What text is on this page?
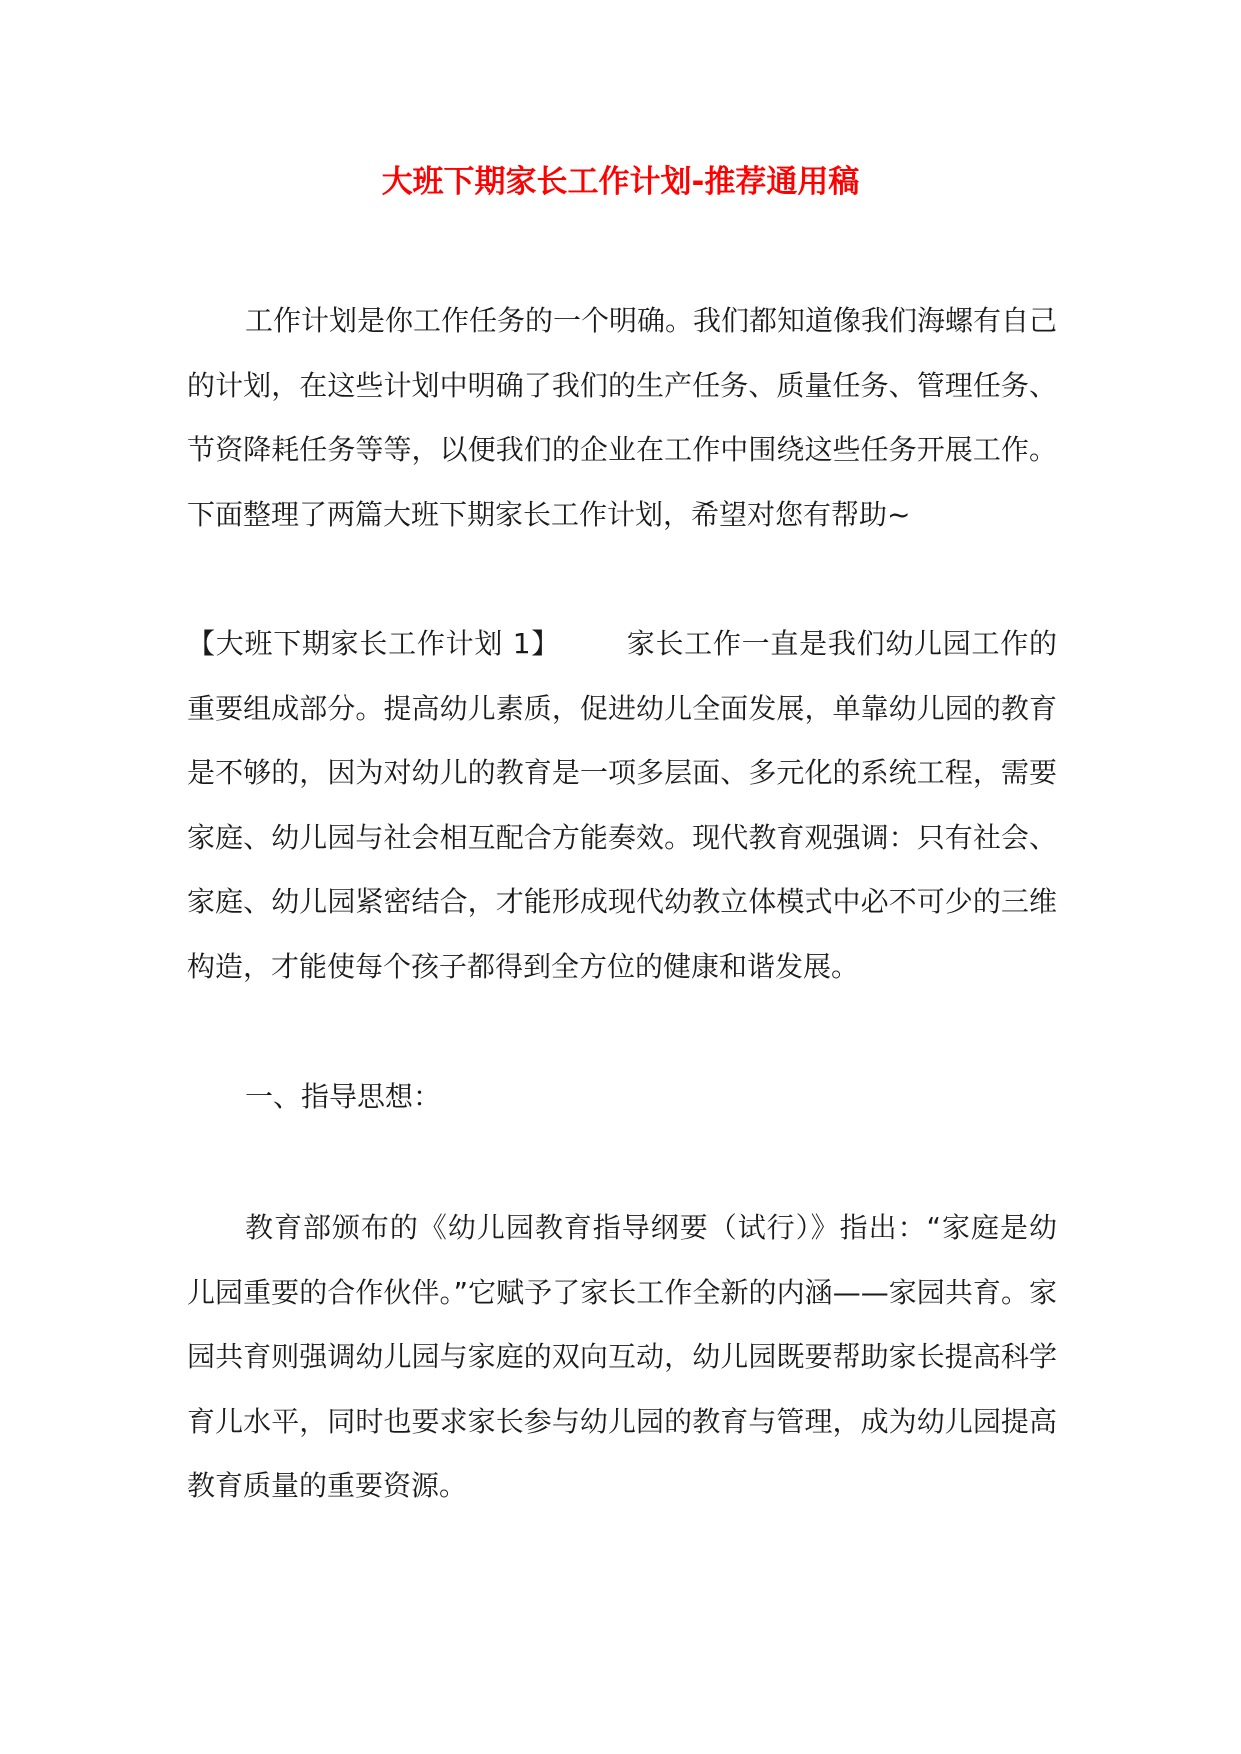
大班下期家长工作计划-推荐通用稿

工作计划是你工作任务的一个明确。我们都知道像我们海螺有自己的计划，在这些计划中明确了我们的生产任务、质量任务、管理任务、节资降耗任务等等，以便我们的企业在工作中围绕这些任务开展工作。下面整理了两篇大班下期家长工作计划，希望对您有帮助~

【大班下期家长工作计划 1】 家长工作一直是我们幼儿园工作的重要组成部分。提高幼儿素质，促进幼儿全面发展，单靠幼儿园的教育是不够的，因为对幼儿的教育是一项多层面、多元化的系统工程，需要家庭、幼儿园与社会相互配合方能奏效。现代教育观强调：只有社会、家庭、幼儿园紧密结合，才能形成现代幼教立体模式中必不可少的三维构造，才能使每个孩子都得到全方位的健康和谐发展。

一、指导思想：

教育部颁布的《幼儿园教育指导纲要（试行）》指出：“家庭是幼儿园重要的合作伙伴。”它赋予了家长工作全新的内涵——家园共育。家园共育则强调幼儿园与家庭的双向互动，幼儿园既要帮助家长提高科学育儿水平，同时也要求家长参与幼儿园的教育与管理，成为幼儿园提高教育质量的重要资源。
